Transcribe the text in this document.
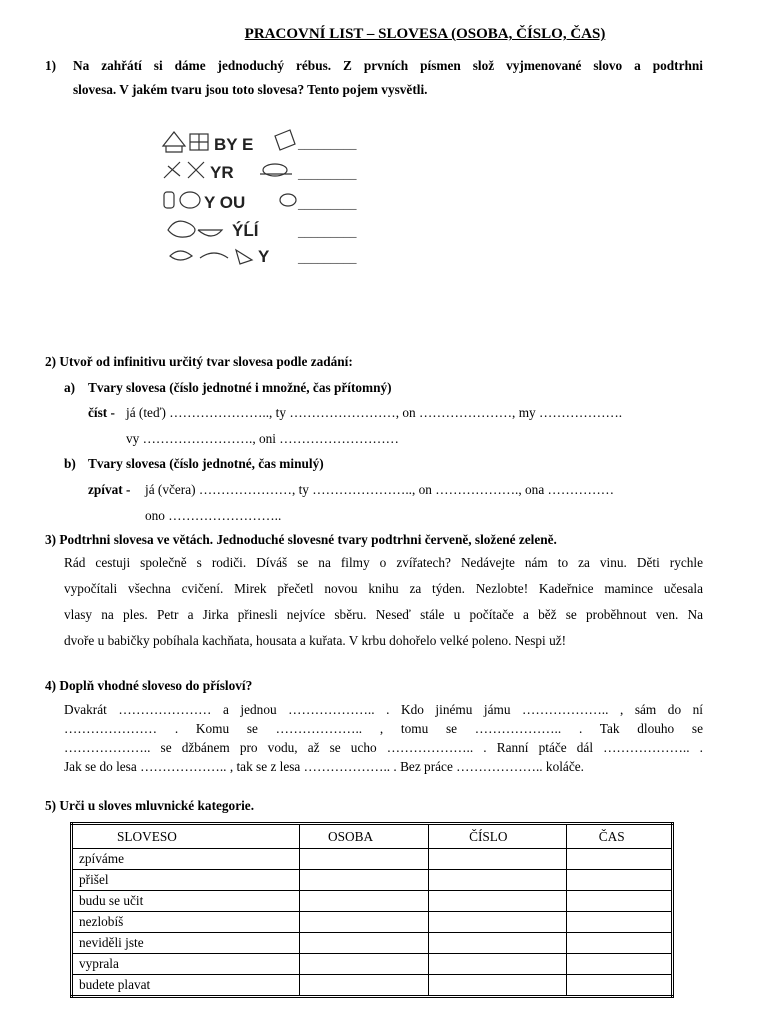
PRACOVNÍ LIST – SLOVESA (OSOBA, ČÍSLO, ČAS)
1)	Na zahřátí si dáme jednoduchý rébus. Z prvních písmen slož vyjmenované slovo a podtrhni
slovesa. V jakém tvaru jsou toto slovesa? Tento pojem vysvětli.
BY E
YR
Y OU
ÝĹÍ
Y
_________
_________
_________
_________
_________
2) Utvoř od infinitivu určitý tvar slovesa podle zadání:
a) Tvary slovesa (číslo jednotné i množné, čas přítomný)
číst - já (teď) ………………….., ty ……………………, on …………………, my ……………….
vy ……………………., oni ………………………
b) Tvary slovesa (číslo jednotné, čas minulý)
zpívat - já (včera) …………………, ty ………………….., on ………………., ona ……………
ono ……………………..
3) Podtrhni slovesa ve větách. Jednoduché slovesné tvary podtrhni červeně, složené zeleně.
Rád cestuji společně s rodiči. Díváš se na filmy o zvířatech? Nedávejte nám to za vinu. Děti rychle
vypočítali všechna cvičení. Mirek přečetl novou knihu za týden. Nezlobte! Kadeřnice mamince učesala
vlasy na ples. Petr a Jirka přinesli nejvíce sběru. Neseď stále u počítače a běž se proběhnout ven. Na
dvoře u babičky pobíhala kachňata, housata a kuřata. V krbu dohořelo velké poleno. Nespi už!
4) Doplň vhodné sloveso do přísloví?
Dvakrát ………………… a jednou ……………….. . Kdo jinému jámu ……………….. , sám do ní
………………… . Komu se ……………….. , tomu se ……………….. . Tak dlouho se
……………….. se džbánem pro vodu, až se ucho ……………….. . Ranní ptáče dál ……………….. .
Jak se do lesa ……………….. , tak se z lesa ……………….. . Bez práce ……………….. koláče.
5) Urči u sloves mluvnické kategorie.
SLOVESO	OSOBA	ČÍSLO	ČAS
zpíváme			
přišel			
budu se učit			
nezlobíš			
neviděli jste			
vyprala			
budete plavat			
